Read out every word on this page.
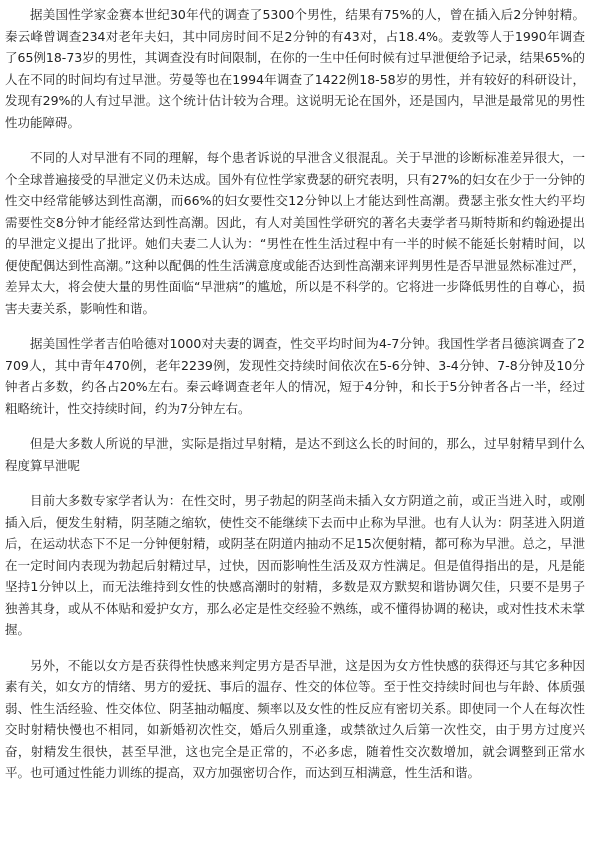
据美国性学家金赛本世纪30年代的调查了5300个男性，结果有75%的人，曾在插入后2分钟射精。秦云峰曾调查234对老年夫妇，其中同房时间不足2分钟的有43对，占18.4%。麦敦等人于1990年调查了65例18-73岁的男性，其调查没有时间限制，在你的一生中任何时候有过早泄便给予记录，结果65%的人在不同的时间均有过早泄。劳曼等也在1994年调查了1422例18-58岁的男性，并有较好的科研设计，发现有29%的人有过早泄。这个统计估计较为合理。这说明无论在国外，还是国内，早泄是最常见的男性性功能障碍。

不同的人对早泄有不同的理解，每个患者诉说的早泄含义很混乱。关于早泄的诊断标准差异很大，一个全球普遍接受的早泄定义仍未达成。国外有位性学家费瑟的研究表明，只有27%的妇女在少于一分钟的性交中经常能够达到性高潮，而66%的妇女要性交12分钟以上才能达到性高潮。费瑟主张女性大约平均需要性交8分钟才能经常达到性高潮。因此，有人对美国性学研究的著名夫妻学者马斯特斯和约翰逊提出的早泄定义提出了批评。她们夫妻二人认为：“男性在性生活过程中有一半的时候不能延长射精时间，以便使配偶达到性高潮。”这种以配偶的性生活满意度或能否达到性高潮来评判男性是否早泄显然标准过严，差异太大，将会使大量的男性面临“早泄病”的尴尬，所以是不科学的。它将进一步降低男性的自尊心，损害夫妻关系，影响性和谐。

据美国性学者吉伯哈德对1000对夫妻的调查，性交平均时间为4-7分钟。我国性学者吕德滨调查了2709人，其中青年470例，老年2239例，发现性交持续时间依次在5-6分钟、3-4分钟、7-8分钟及10分钟者占多数，约各占20%左右。秦云峰调查老年人的情况，短于4分钟，和长于5分钟者各占一半，经过粗略统计，性交持续时间，约为7分钟左右。

但是大多数人所说的早泄，实际是指过早射精，是达不到这么长的时间的，那么，过早射精早到什么程度算早泄呢

目前大多数专家学者认为：在性交时，男子勃起的阴茎尚未插入女方阴道之前，或正当进入时，或刚插入后，便发生射精，阴茎随之缩软，使性交不能继续下去而中止称为早泄。也有人认为：阴茎进入阴道后，在运动状态下不足一分钟便射精，或阴茎在阴道内抽动不足15次便射精，都可称为早泄。总之，早泄在一定时间内表现为勃起后射精过早，过快，因而影响性生活及双方性满足。但是值得指出的是，凡是能坚持1分钟以上，而无法维持到女性的快感高潮时的射精，多数是双方默契和谐协调欠佳，只要不是男子独善其身，或从不体贴和爱护女方，那么必定是性交经验不熟练，或不懂得协调的秘诀，或对性技术未掌握。

另外，不能以女方是否获得性快感来判定男方是否早泄，这是因为女方性快感的获得还与其它多种因素有关，如女方的情绪、男方的爱抚、事后的温存、性交的体位等。至于性交持续时间也与年龄、体质强弱、性生活经验、性交体位、阴茎抽动幅度、频率以及女性的性反应有密切关系。即使同一个人在每次性交时射精快慢也不相同，如新婚初次性交，婚后久别重逢，或禁欲过久后第一次性交，由于男方过度兴奋，射精发生很快，甚至早泄，这也完全是正常的，不必多虑，随着性交次数增加，就会调整到正常水平。也可通过性能力训练的提高，双方加强密切合作，而达到互相满意，性生活和谐。
